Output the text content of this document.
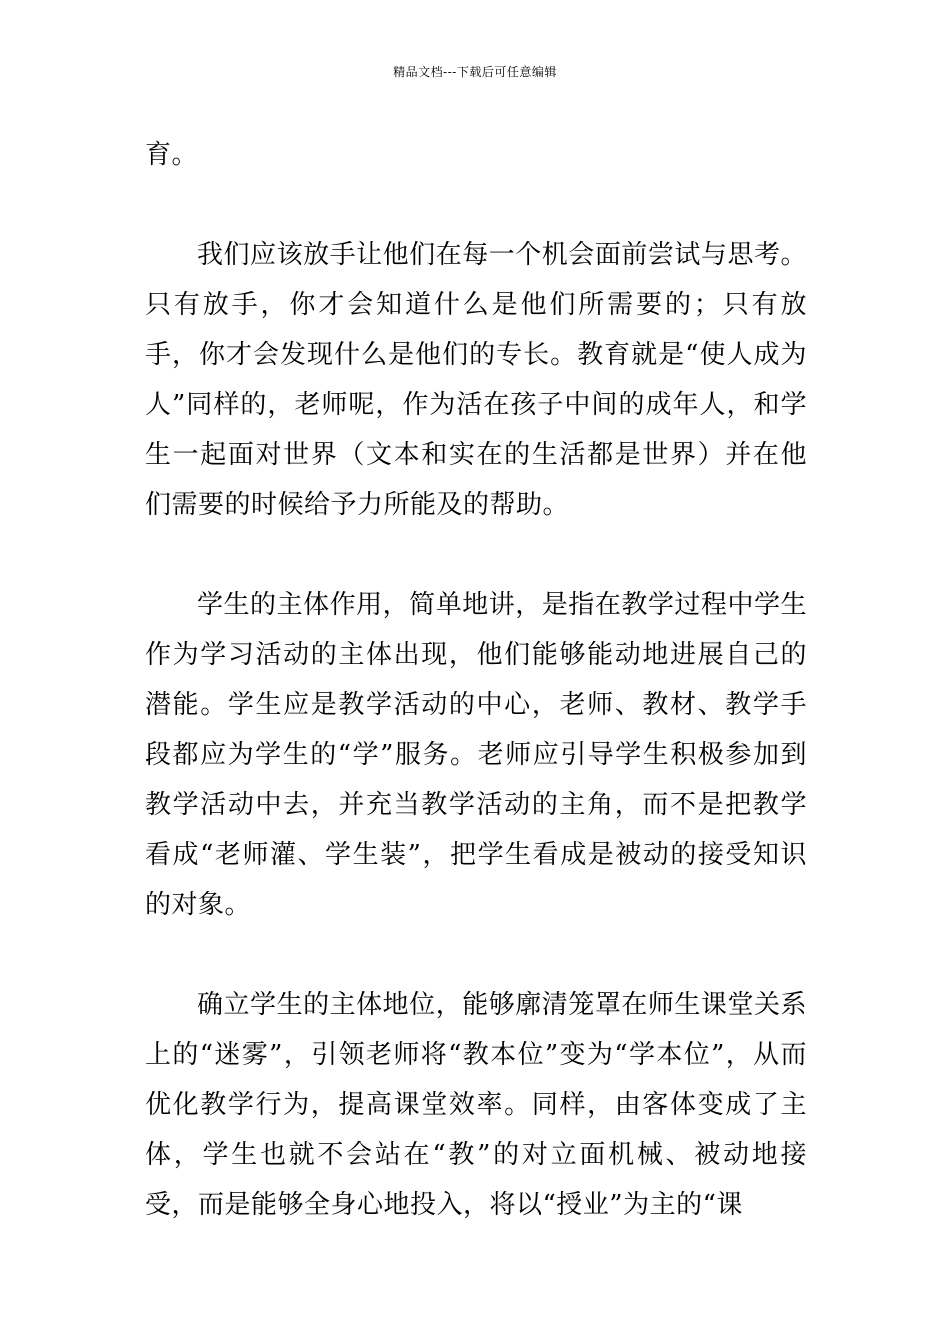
精品文档---下载后可任意编辑

育。

我们应该放手让他们在每一个机会面前尝试与思考。只有放手，你才会知道什么是他们所需要的；只有放手，你才会发现什么是他们的专长。教育就是“使人成为人”同样的，老师呢，作为活在孩子中间的成年人，和学生一起面对世界（文本和实在的生活都是世界）并在他们需要的时候给予力所能及的帮助。

学生的主体作用，简单地讲，是指在教学过程中学生作为学习活动的主体出现，他们能够能动地进展自己的潜能。学生应是教学活动的中心，老师、教材、教学手段都应为学生的“学”服务。老师应引导学生积极参加到教学活动中去，并充当教学活动的主角，而不是把教学看成“老师灌、学生装”，把学生看成是被动的接受知识的对象。

确立学生的主体地位，能够廓清笼罩在师生课堂关系上的“迷雾”，引领老师将“教本位”变为“学本位”，从而优化教学行为，提高课堂效率。同样，由客体变成了主体，学生也就不会站在“教”的对立面机械、被动地接受，而是能够全身心地投入，将以“授业”为主的“课
